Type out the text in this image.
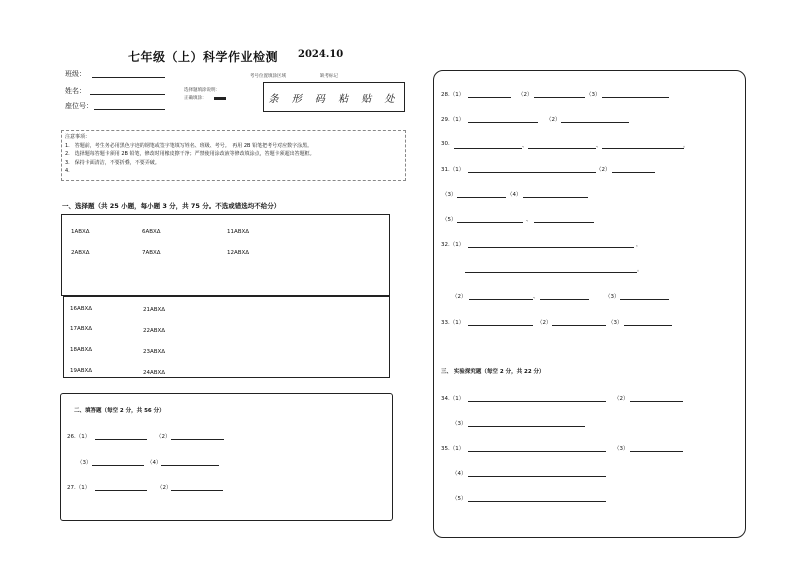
七年级（上）科学作业检测 2024.10
班级：
姓名：
座位号：
考号位置填涂区域	缺考标记
选择题填涂说明：
正确填涂：	条 形 码 粘 贴 处
注意事项：
1.　答题前，考生务必用黑色字迹的钢笔或签字笔填写姓名、班级、考号。　再用 2B 铅笔把考号对应数字涂黑。
2.　选择题每答题卡须用 2B 铅笔，修改时用橡皮擦干净；严禁使用涂改液等修改填涂点，答题卡须超出答题框。
3.　保持卡面清洁，不要折叠，不要弄破。
4.
一、选择题（共 25 小题，每小题 3 分，共 75 分。不选或错选均不给分）
1ABXΔ	6ABXΔ	11ABXΔ
2ABXΔ	7ABXΔ	12ABXΔ
16ABXΔ	21ABXΔ
17ABXΔ	22ABXΔ
18ABXΔ	23ABXΔ
19ABXΔ	24ABXΔ
二、填答题（每空 2 分，共 56 分）
26.（1）	（2）
（3）	（4）
27.（1）	（2）
28.（1）	（2）	（3）
29.（1）	（2）
30.	、	、	。
31.（1）	（2）
（3）	（4）
（5）	、
32.（1）	，
。
（2）	、	（3）
33.（1）	（2）	（3）
三、 实验探究题（每空 2 分，共 22 分）
34.（1）	（2）
（3）
35.（1）	（3）
（4）
（5）
